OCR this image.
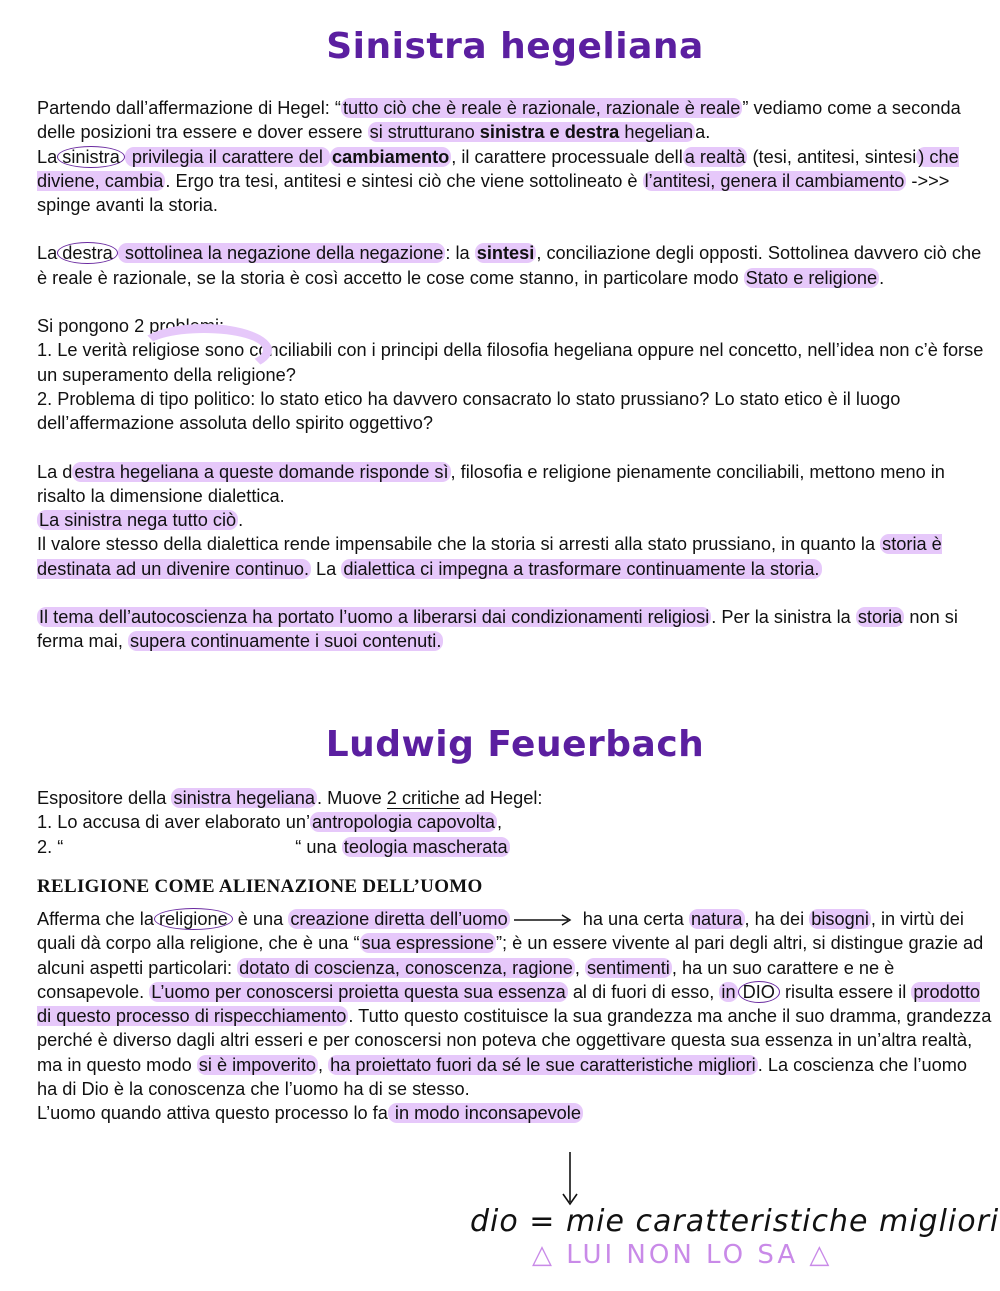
Sinistra hegeliana

Partendo dall’affermazione di Hegel: “ tutto ciò che è reale è razionale, razionale è reale ” vediamo come a seconda delle posizioni tra essere e dover essere si strutturano sinistra e destra hegelian a.

La sinistra privilegia il carattere del cambiamento , il carattere processuale dell a realtà (tesi, antitesi, sintesi ) che diviene, cambia . Ergo tra tesi, antitesi e sintesi ciò che viene sottolineato è l’antitesi, genera il cambiamento ->>> spinge avanti la storia.

La destra sottolinea la negazione della negazione : la sintesi , conciliazione degli opposti. Sottolinea davvero ciò che è reale è razionale, se la storia è così accetto le cose come stanno, in particolare modo Stato e religione .

Si pongono 2 problemi:

1. Le verità religiose sono conciliabili con i principi della filosofia hegeliana oppure nel concetto, nell’idea non c’è forse un superamento della religione?

2. Problema di tipo politico: lo stato etico ha davvero consacrato lo stato prussiano? Lo stato etico è il luogo dell’affermazione assoluta dello spirito oggettivo?

La d estra hegeliana a queste domande risponde sì , filosofia e religione pienamente conciliabili, mettono meno in risalto la dimensione dialettica.

La sinistra nega tutto ciò .

Il valore stesso della dialettica rende impensabile che la storia si arresti alla stato prussiano, in quanto la storia è destinata ad un divenire continuo. La dialettica ci impegna a trasformare continuamente la storia.

Il tema dell’autocoscienza ha portato l’uomo a liberarsi dai condizionamenti religiosi . Per la sinistra la storia non si ferma mai, supera continuamente i suoi contenuti.

Ludwig Feuerbach

Espositore della sinistra hegeliana . Muove 2 critiche ad Hegel:

1. Lo accusa di aver elaborato un’ antropologia capovolta ,

2. “	“ una teologia mascherata

RELIGIONE COME ALIENAZIONE DELL’UOMO

Afferma che la religione è una creazione diretta dell’uomo	ha una certa natura , ha dei bisogni , in virtù dei quali dà corpo alla religione, che è una “ sua espressione ”; è un essere vivente al pari degli altri, si distingue grazie ad alcuni aspetti particolari: dotato di coscienza, conoscenza, ragione , sentimenti , ha un suo carattere e ne è consapevole. L’uomo per conoscersi proietta questa sua essenza al di fuori di esso, in DIO risulta essere il prodotto di questo processo di rispecchiamento . Tutto questo costituisce la sua grandezza ma anche il suo dramma, grandezza perché è diverso dagli altri esseri e per conoscersi non poteva che oggettivare questa sua essenza in un’altra realtà, ma in questo modo si è impoverito , ha proiettato fuori da sé le sue caratteristiche migliori . La coscienza che l’uomo ha di Dio è la conoscenza che l’uomo ha di se stesso.

L’uomo quando attiva questo processo lo fa in modo inconsapevole

dio = mie caratteristiche migliori
△ LUI NON LO SA △
